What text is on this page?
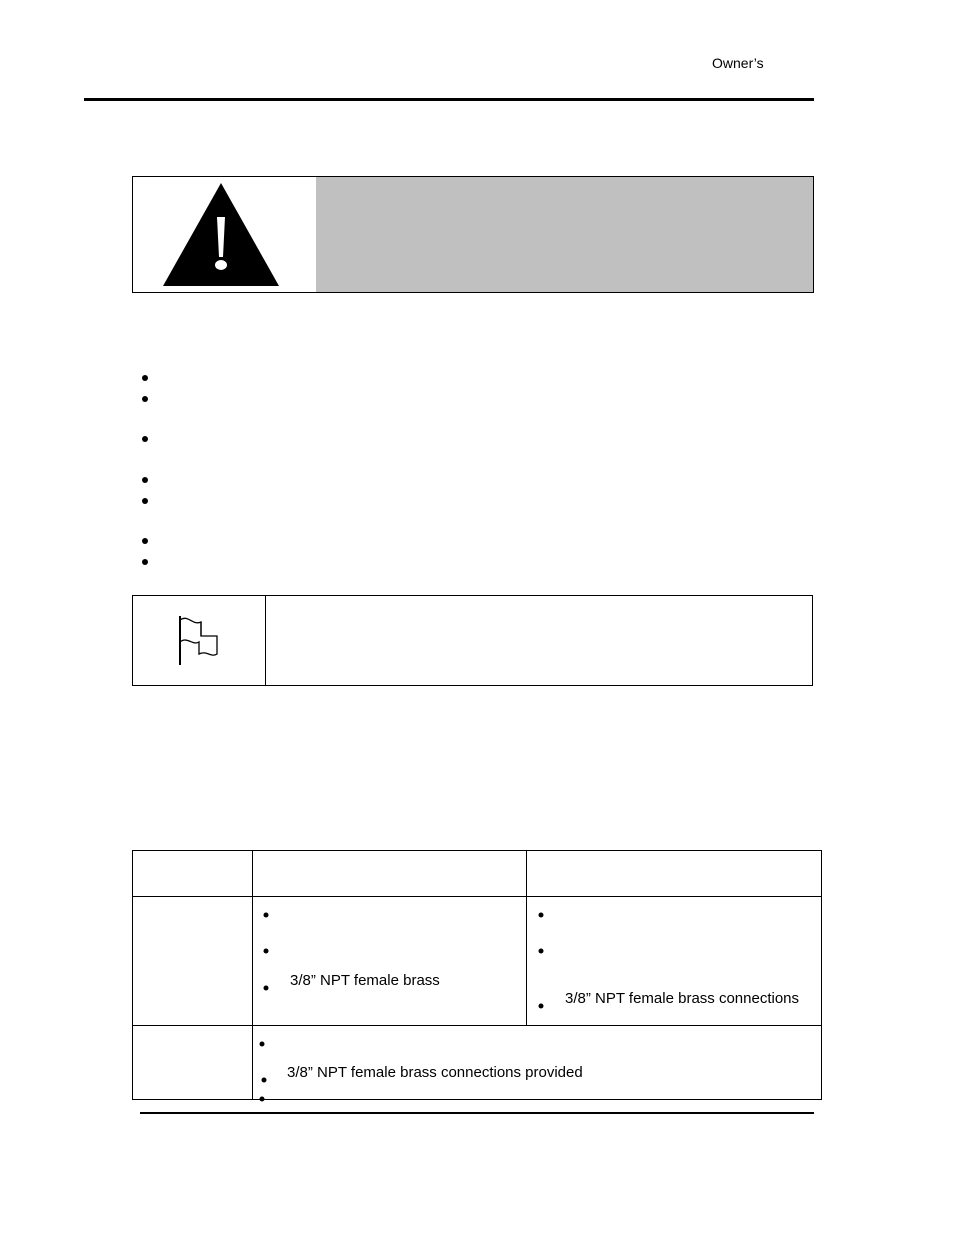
Owner’s
3/8” NPT female brass
3/8” NPT female brass connections
3/8” NPT female brass connections provided
